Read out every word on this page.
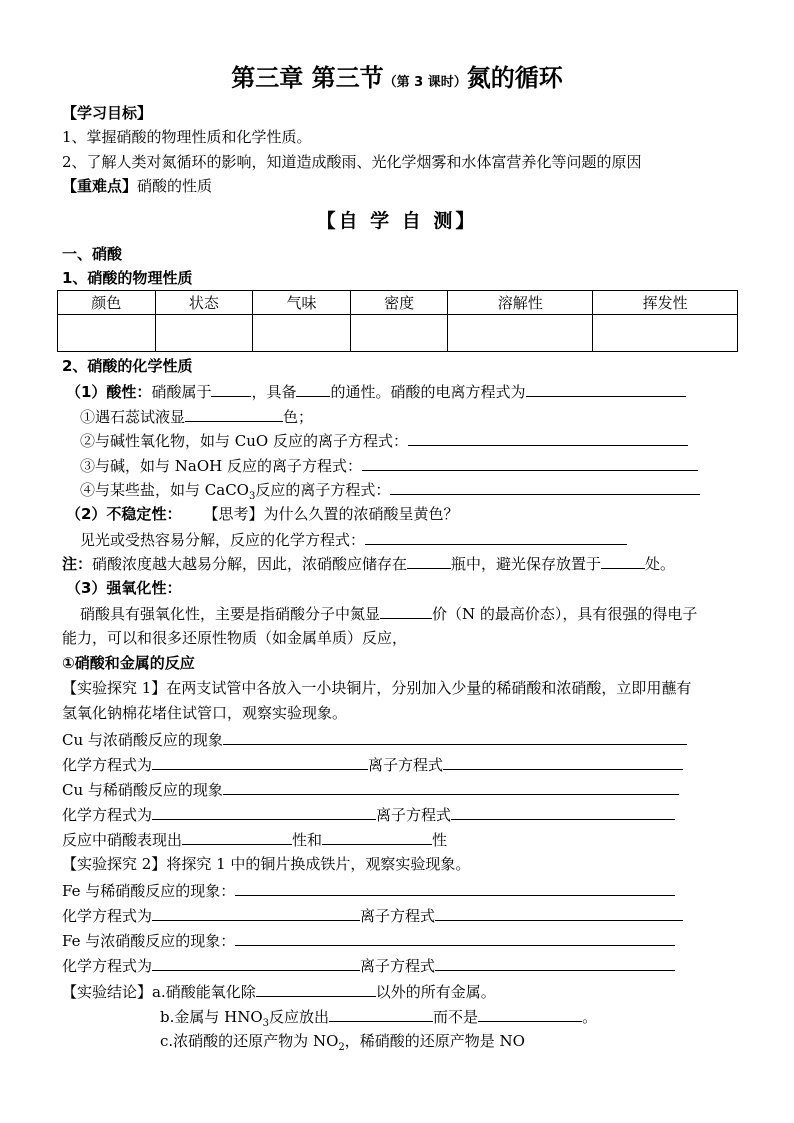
第三章 第三节（第 3 课时）氮的循环
【学习目标】
1、掌握硝酸的物理性质和化学性质。
2、了解人类对氮循环的影响，知道造成酸雨、光化学烟雾和水体富营养化等问题的原因
【重难点】硝酸的性质
【自 学 自 测】
一、硝酸
1、硝酸的物理性质
颜色	状态	气味	密度	溶解性	挥发性

2、硝酸的化学性质
（1）酸性：硝酸属于	，具备 的通性。硝酸的电离方程式为
①遇石蕊试液显	色；
②与碱性氧化物，如与 CuO 反应的离子方程式：
③与碱，如与 NaOH 反应的离子方程式：
④与某些盐，如与 CaCO$_3$反应的离子方程式：
（2）不稳定性： 【思考】为什么久置的浓硝酸呈黄色？
见光或受热容易分解，反应的化学方程式：
注：硝酸浓度越大越易分解，因此，浓硝酸应储存在	瓶中，避光保存放置于	处。
（3）强氧化性：
硝酸具有强氧化性，主要是指硝酸分子中氮显	价（N 的最高价态），具有很强的得电子
能力，可以和很多还原性物质（如金属单质）反应，
①硝酸和金属的反应
【实验探究 1】在两支试管中各放入一小块铜片，分别加入少量的稀硝酸和浓硝酸，立即用蘸有
氢氧化钠棉花堵住试管口，观察实验现象。
Cu 与浓硝酸反应的现象
化学方程式为	离子方程式
Cu 与稀硝酸反应的现象
化学方程式为	离子方程式
反应中硝酸表现出	性和	性
【实验探究 2】将探究 1 中的铜片换成铁片，观察实验现象。
Fe 与稀硝酸反应的现象：
化学方程式为	离子方程式
Fe 与浓硝酸反应的现象：
化学方程式为	离子方程式
【实验结论】a.硝酸能氧化除	以外的所有金属。
b.金属与 $HNO_3$反应放出	而不是	。
c.浓硝酸的还原产物为 $NO_2$，稀硝酸的还原产物是 NO
